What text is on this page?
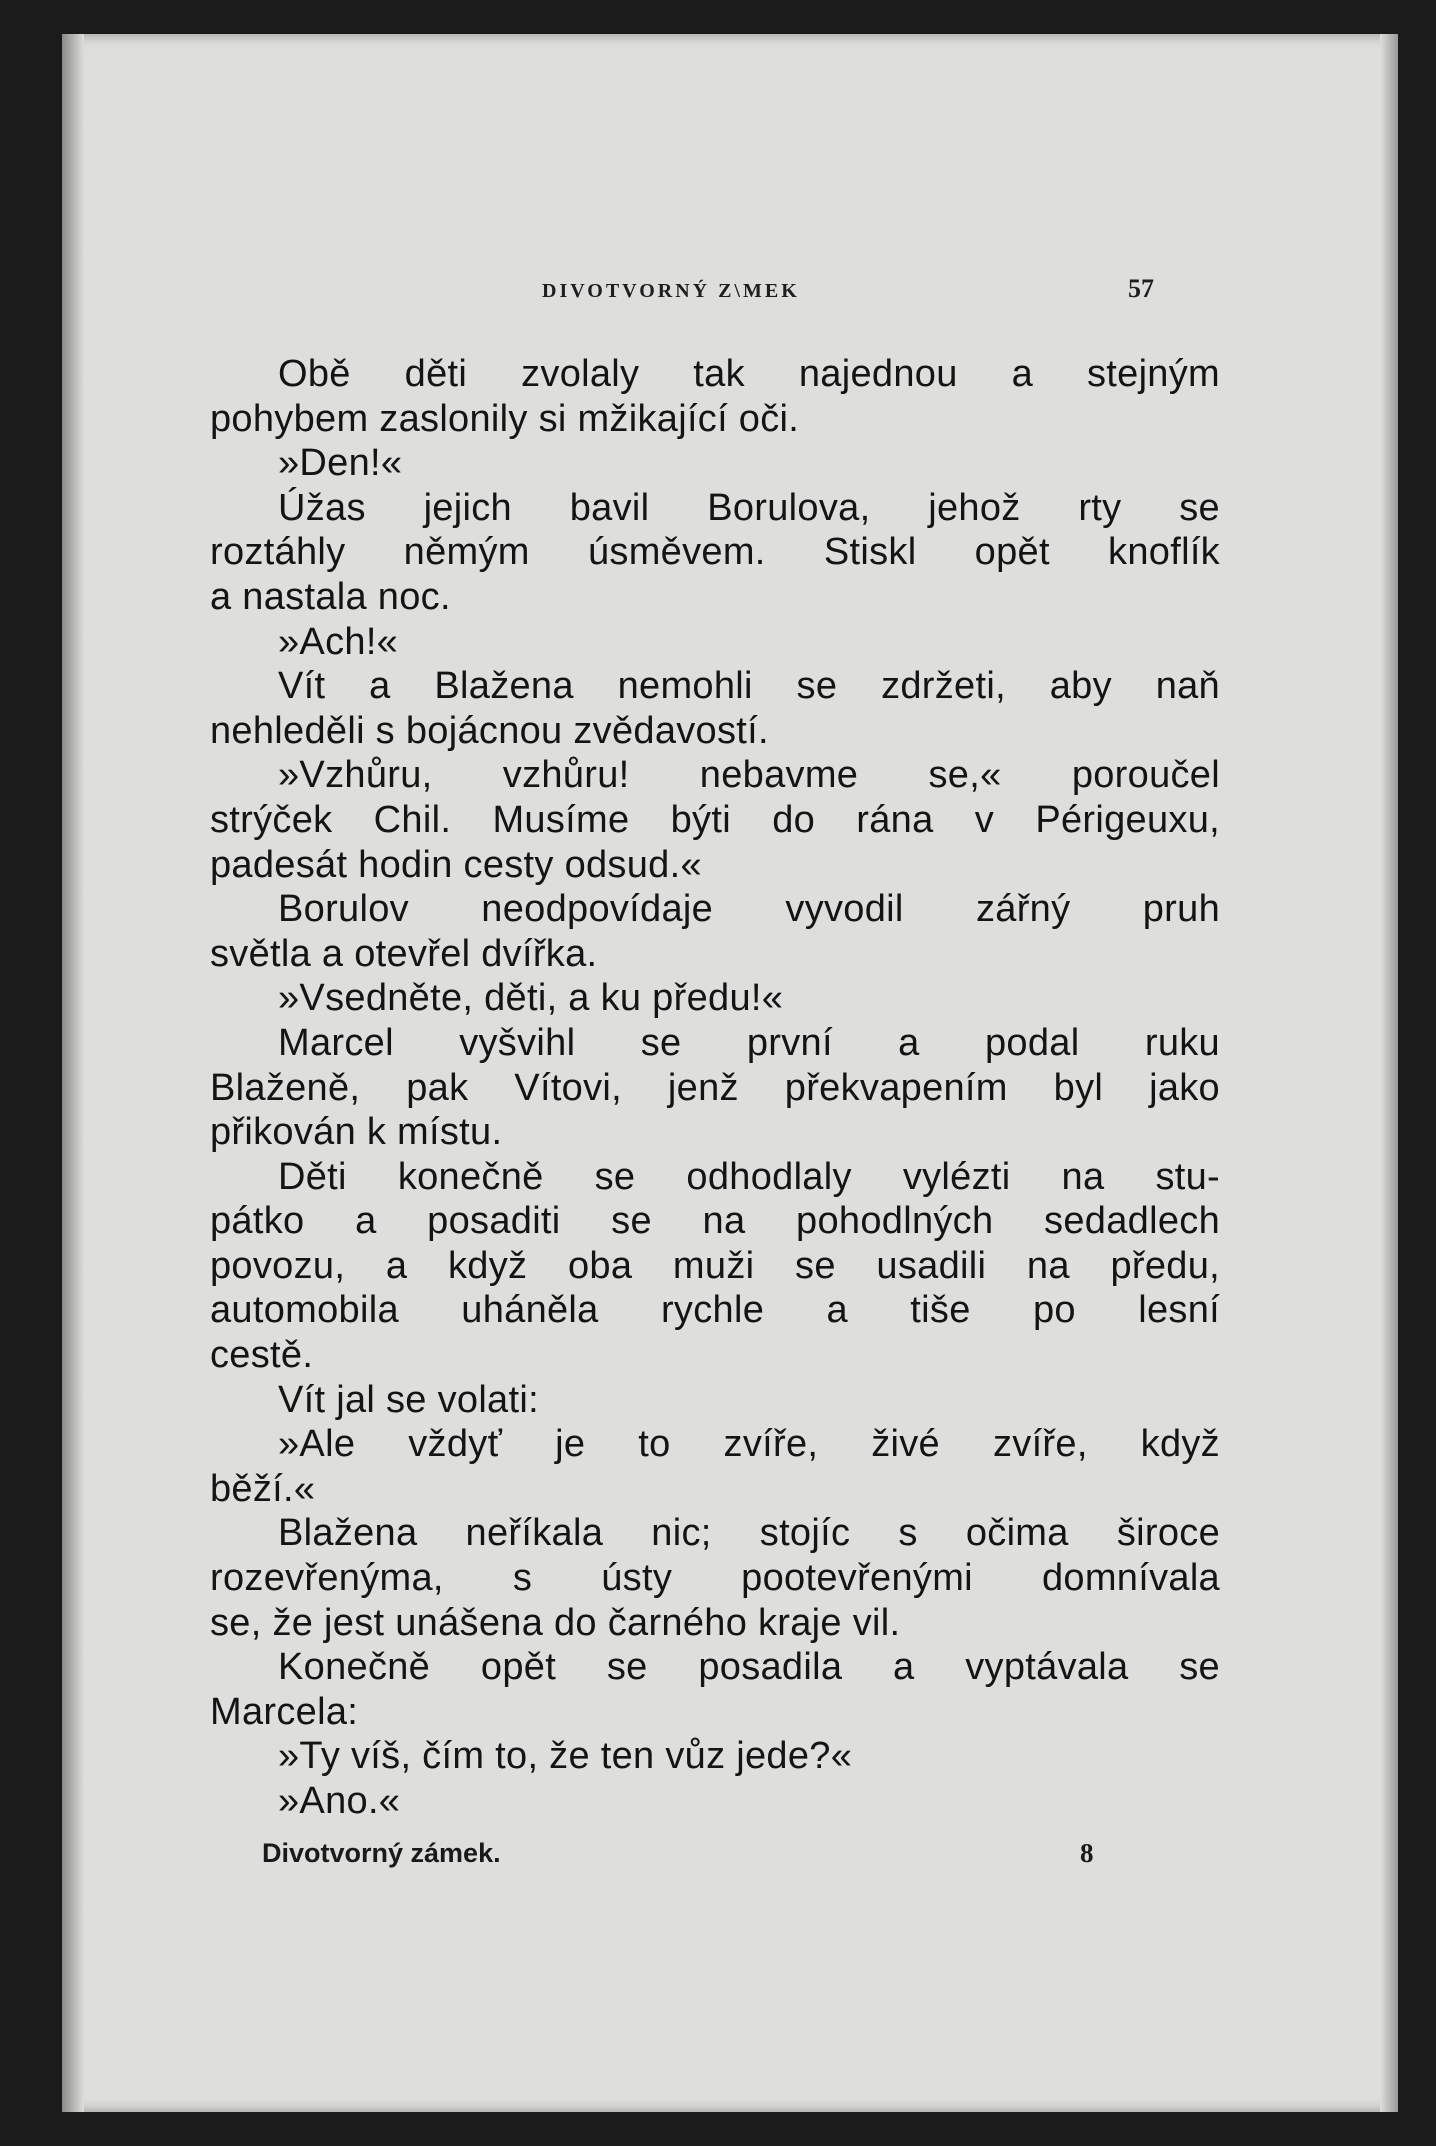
DIVOTVORNÝ Z\MEK	57
Obě děti zvolaly tak najednou a stejným
pohybem zaslonily si mžikající oči.
»Den!«
Úžas jejich bavil Borulova, jehož rty se
roztáhly němým úsměvem. Stiskl opět knoflík
a nastala noc.
»Ach!«
Vít a Blažena nemohli se zdržeti, aby naň
nehleděli s bojácnou zvědavostí.
»Vzhůru, vzhůru! nebavme se,« poroučel
strýček Chil. Musíme býti do rána v Périgeuxu,
padesát hodin cesty odsud.«
Borulov neodpovídaje vyvodil zářný pruh
světla a otevřel dvířka.
»Vsedněte, děti, a ku předu!«
Marcel vyšvihl se první a podal ruku
Blaženě, pak Vítovi, jenž překvapením byl jako
přikován k místu.
Děti konečně se odhodlaly vylézti na stu-
pátko a posaditi se na pohodlných sedadlech
povozu, a když oba muži se usadili na předu,
automobila uháněla rychle a tiše po lesní
cestě.
Vít jal se volati:
»Ale vždyť je to zvíře, živé zvíře, když
běží.«
Blažena neříkala nic; stojíc s očima široce
rozevřenýma, s ústy pootevřenými domnívala
se, že jest unášena do čarného kraje vil.
Konečně opět se posadila a vyptávala se
Marcela:
»Ty víš, čím to, že ten vůz jede?«
»Ano.«
Divotvorný zámek.	8
